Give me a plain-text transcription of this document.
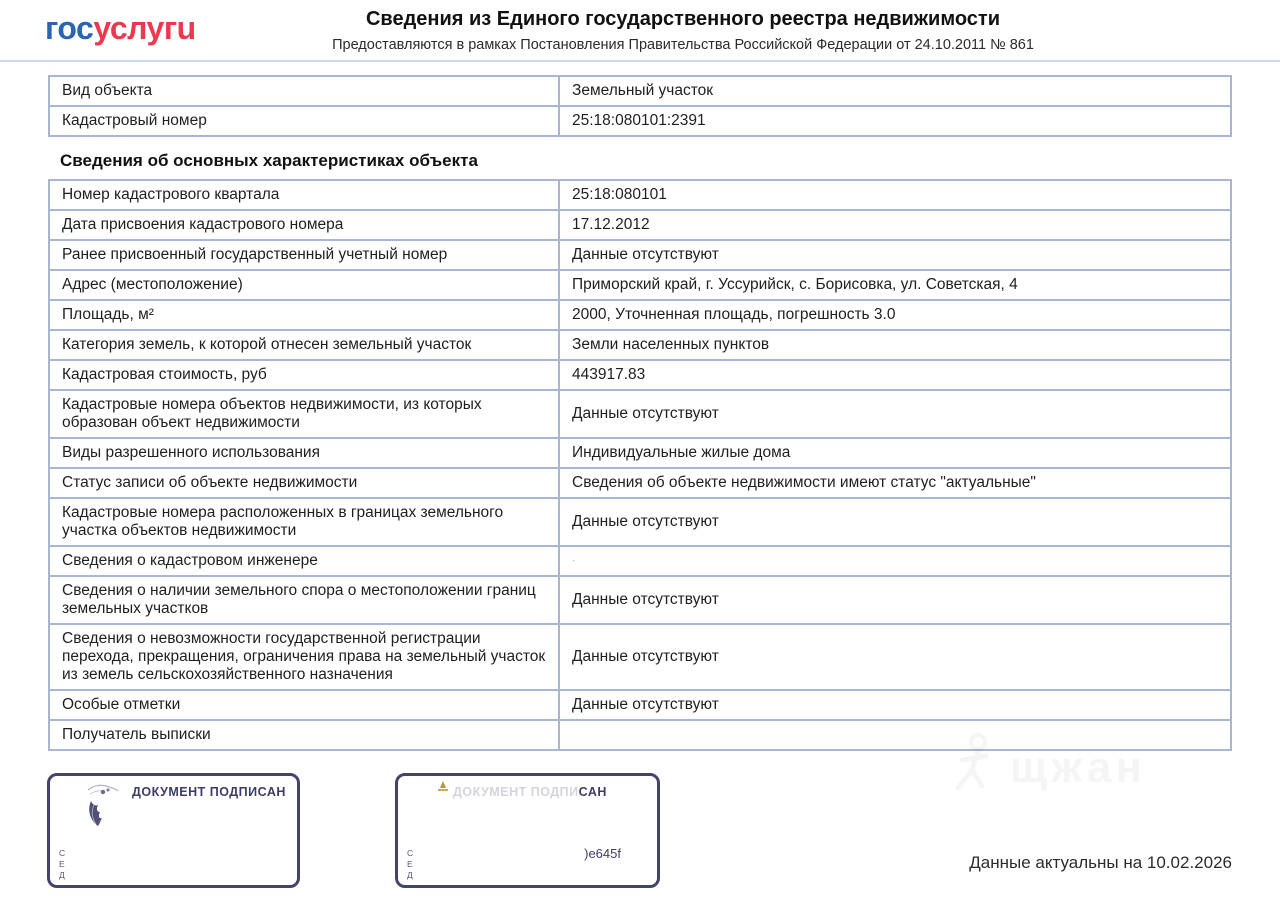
госуслугu	Сведения из Единого государственного реестра недвижимости
Предоставляются в рамках Постановления Правительства Российской Федерации от 24.10.2011 № 861
Вид объекта	Земельный участок
Кадастровый номер	25:18:080101:2391
Сведения об основных характеристиках объекта
Номер кадастрового квартала	25:18:080101
Дата присвоения кадастрового номера	17.12.2012
Ранее присвоенный государственный учетный номер	Данные отсутствуют
Адрес (местоположение)	Приморский край, г. Уссурийск, с. Борисовка, ул. Советская, 4
Площадь, м²	2000, Уточненная площадь, погрешность 3.0
Категория земель, к которой отнесен земельный участок	Земли населенных пунктов
Кадастровая стоимость, руб	443917.83
Кадастровые номера объектов недвижимости, из которых образован объект недвижимости	Данные отсутствуют
Виды разрешенного использования	Индивидуальные жилые дома
Статус записи об объекте недвижимости	Сведения об объекте недвижимости имеют статус "актуальные"
Кадастровые номера расположенных в границах земельного участка объектов недвижимости	Данные отсутствуют
Сведения о кадастровом инженере	·
Сведения о наличии земельного спора о местоположении границ земельных участков	Данные отсутствуют
Сведения о невозможности государственной регистрации перехода, прекращения, ограничения права на земельный участок из земель сельскохозяйственного назначения	Данные отсутствуют
Особые отметки	Данные отсутствуют
Получатель выписки	
ДОКУМЕНТ ПОДПИСАН
С
Е
Д
ДОКУМЕНТ ПОДПИСАН
С
Е
Д
)e645f
щжан
Данные актуальны на 10.02.2026
